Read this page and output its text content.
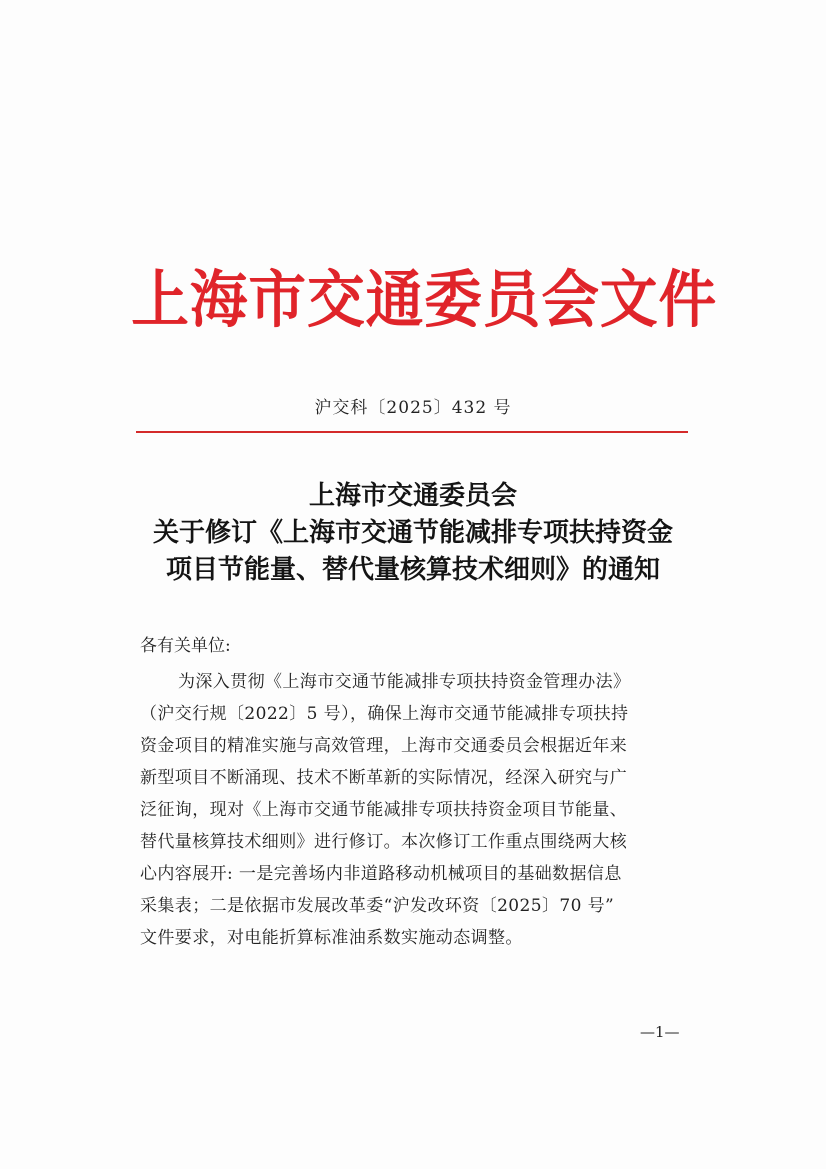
上海市交通委员会文件
沪交科〔2025〕432 号
上海市交通委员会
关于修订《上海市交通节能减排专项扶持资金
项目节能量、替代量核算技术细则》的通知
各有关单位:
为深入贯彻《上海市交通节能减排专项扶持资金管理办法》
（沪交行规〔2022〕5 号），确保上海市交通节能减排专项扶持
资金项目的精准实施与高效管理，上海市交通委员会根据近年来
新型项目不断涌现、技术不断革新的实际情况，经深入研究与广
泛征询，现对《上海市交通节能减排专项扶持资金项目节能量、
替代量核算技术细则》进行修订。本次修订工作重点围绕两大核
心内容展开: 一是完善场内非道路移动机械项目的基础数据信息
采集表；二是依据市发展改革委“沪发改环资〔2025〕70 号”
文件要求，对电能折算标准油系数实施动态调整。
—1—
